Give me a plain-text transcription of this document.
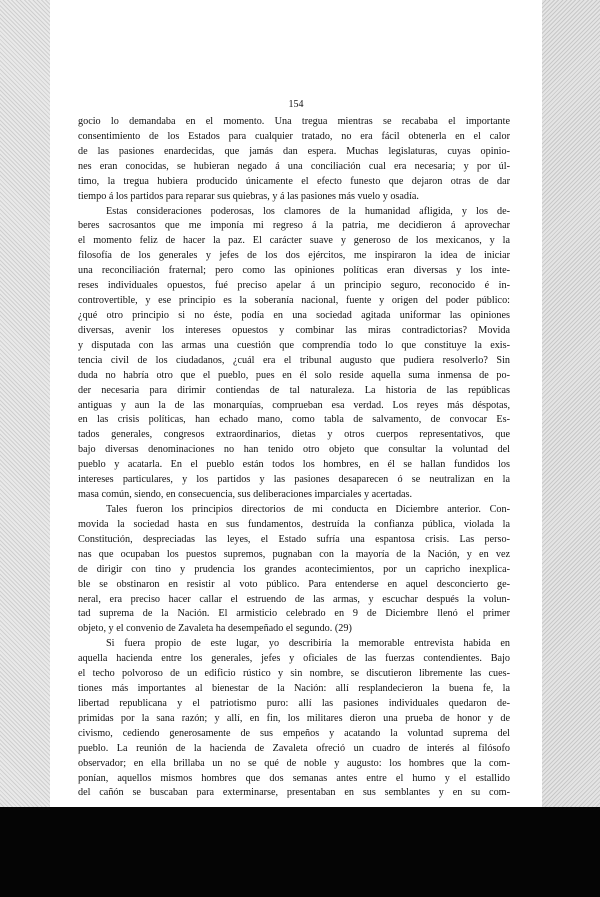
154
gocio lo demandaba en el momento. Una tregua mientras se recababa el importante
consentimiento de los Estados para cualquier tratado, no era fácil obtenerla en el calor
de las pasiones enardecidas, que jamás dan espera. Muchas legislaturas, cuyas opinio-
nes eran conocidas, se hubieran negado á una conciliación cual era necesaria; y por úl-
timo, la tregua hubiera producido únicamente el efecto funesto que dejaron otras de dar
tiempo á los partidos para reparar sus quiebras, y á las pasiones más vuelo y osadía.
Estas consideraciones poderosas, los clamores de la humanidad afligida, y los de-
beres sacrosantos que me imponía mi regreso á la patria, me decidieron á aprovechar
el momento feliz de hacer la paz. El carácter suave y generoso de los mexicanos, y la
filosofía de los generales y jefes de los dos ejércitos, me inspiraron la idea de iniciar
una reconciliación fraternal; pero como las opiniones políticas eran diversas y los inte-
reses individuales opuestos, fué preciso apelar á un principio seguro, reconocido é in-
controvertible, y ese principio es la soberanía nacional, fuente y origen del poder público:
¿qué otro principio si no éste, podía en una sociedad agitada uniformar las opiniones
diversas, avenir los intereses opuestos y combinar las miras contradictorias? Movida
y disputada con las armas una cuestión que comprendía todo lo que constituye la exis-
tencia civil de los ciudadanos, ¿cuál era el tribunal augusto que pudiera resolverlo? Sin
duda no habría otro que el pueblo, pues en él solo reside aquella suma inmensa de po-
der necesaria para dirimir contiendas de tal naturaleza. La historia de las repúblicas
antiguas y aun la de las monarquías, comprueban esa verdad. Los reyes más déspotas,
en las crisis políticas, han echado mano, como tabla de salvamento, de convocar Es-
tados generales, congresos extraordinarios, dietas y otros cuerpos representativos, que
bajo diversas denominaciones no han tenido otro objeto que consultar la voluntad del
pueblo y acatarla. En el pueblo están todos los hombres, en él se hallan fundidos los
intereses particulares, y los partidos y las pasiones desaparecen ó se neutralizan en la
masa común, siendo, en consecuencia, sus deliberaciones imparciales y acertadas.
Tales fueron los principios directorios de mi conducta en Diciembre anterior. Con-
movida la sociedad hasta en sus fundamentos, destruída la confianza pública, violada la
Constitución, despreciadas las leyes, el Estado sufría una espantosa crisis. Las perso-
nas que ocupaban los puestos supremos, pugnaban con la mayoría de la Nación, y en vez
de dirigir con tino y prudencia los grandes acontecimientos, por un capricho inexplica-
ble se obstinaron en resistir al voto público. Para entenderse en aquel desconcierto ge-
neral, era preciso hacer callar el estruendo de las armas, y escuchar después la volun-
tad suprema de la Nación. El armisticio celebrado en 9 de Diciembre llenó el primer
objeto, y el convenio de Zavaleta ha desempeñado el segundo. (29)
Si fuera propio de este lugar, yo describiría la memorable entrevista habida en
aquella hacienda entre los generales, jefes y oficiales de las fuerzas contendientes. Bajo
el techo polvoroso de un edificio rústico y sin nombre, se discutieron libremente las cues-
tiones más importantes al bienestar de la Nación: allí resplandecieron la buena fe, la
libertad republicana y el patriotismo puro: allí las pasiones individuales quedaron de-
primidas por la sana razón; y allí, en fin, los militares dieron una prueba de honor y de
civismo, cediendo generosamente de sus empeños y acatando la voluntad suprema del
pueblo. La reunión de la hacienda de Zavaleta ofreció un cuadro de interés al filósofo
observador; en ella brillaba un no se qué de noble y augusto: los hombres que la com-
ponían, aquellos mismos hombres que dos semanas antes entre el humo y el estallido
del cañón se buscaban para exterminarse, presentaban en sus semblantes y en su com-
